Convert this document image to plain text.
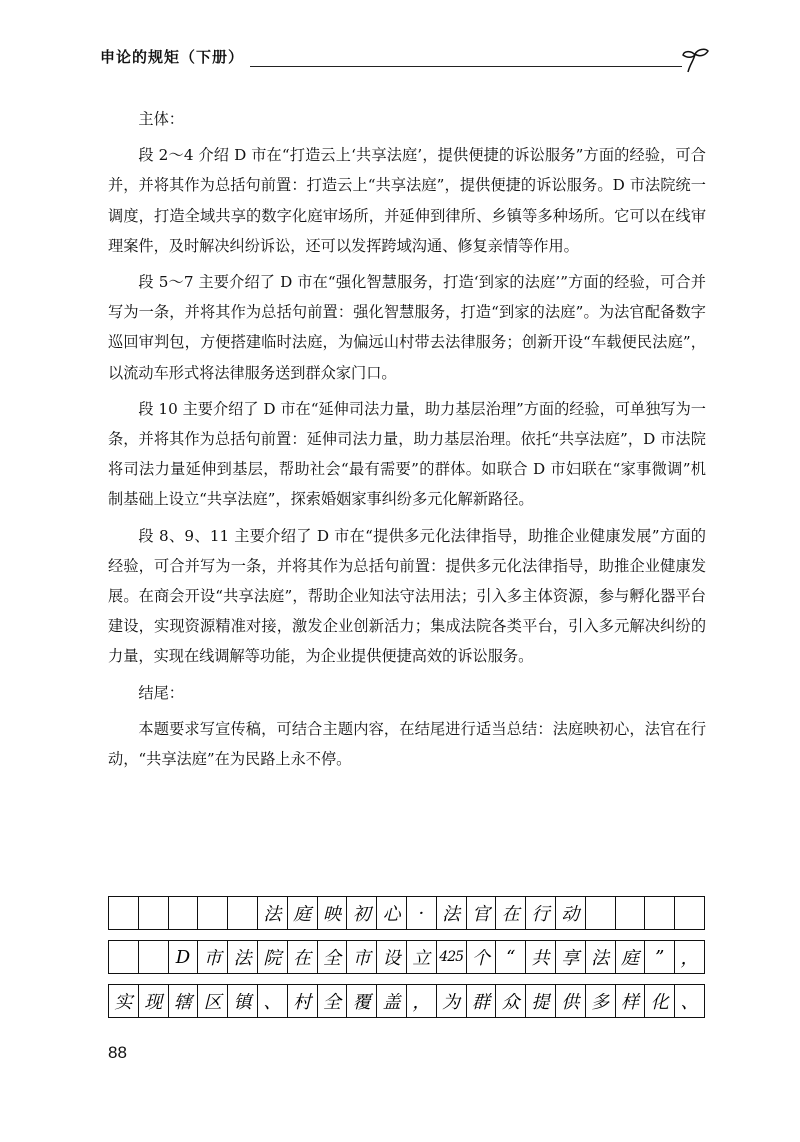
申论的规矩（下册）

主体：

段 2～4 介绍 D 市在“打造云上‘共享法庭’，提供便捷的诉讼服务”方面的经验，可合并，并将其作为总括句前置：打造云上“共享法庭”，提供便捷的诉讼服务。D 市法院统一调度，打造全域共享的数字化庭审场所，并延伸到律所、乡镇等多种场所。它可以在线审理案件，及时解决纠纷诉讼，还可以发挥跨域沟通、修复亲情等作用。

段 5～7 主要介绍了 D 市在“强化智慧服务，打造‘到家的法庭’”方面的经验，可合并写为一条，并将其作为总括句前置：强化智慧服务，打造“到家的法庭”。为法官配备数字巡回审判包，方便搭建临时法庭，为偏远山村带去法律服务；创新开设“车载便民法庭”，以流动车形式将法律服务送到群众家门口。

段 10 主要介绍了 D 市在“延伸司法力量，助力基层治理”方面的经验，可单独写为一条，并将其作为总括句前置：延伸司法力量，助力基层治理。依托“共享法庭”，D 市法院将司法力量延伸到基层，帮助社会“最有需要”的群体。如联合 D 市妇联在“家事微调”机制基础上设立“共享法庭”，探索婚姻家事纠纷多元化解新路径。

段 8、9、11 主要介绍了 D 市在“提供多元化法律指导，助推企业健康发展”方面的经验，可合并写为一条，并将其作为总括句前置：提供多元化法律指导，助推企业健康发展。在商会开设“共享法庭”，帮助企业知法守法用法；引入多主体资源，参与孵化器平台建设，实现资源精准对接，激发企业创新活力；集成法院各类平台，引入多元解决纠纷的力量，实现在线调解等功能，为企业提供便捷高效的诉讼服务。

结尾：

本题要求写宣传稿，可结合主题内容，在结尾进行适当总结：法庭映初心，法官在行动，“共享法庭”在为民路上永不停。

法 庭 映 初 心 · 法 官 在 行 动
D 市 法 院 在 全 市 设 立 425 个 “ 共 享 法 庭 ” ，
实 现 辖 区 镇 、 村 全 覆 盖 ， 为 群 众 提 供 多 样 化 、
88
